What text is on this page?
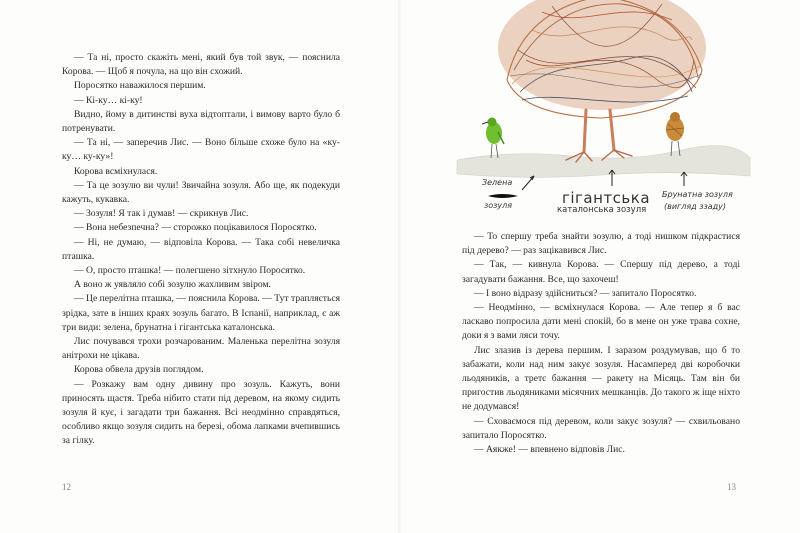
— Та ні, просто скажіть мені, який був той звук, — пояснила Корова. — Щоб я почула, на що він схожий.

Поросятко наважилося першим.

— Кі-ку… кі-ку!

Видно, йому в дитинстві вуха відтоптали, і вимову варто було б потренувати.

— Та ні, — заперечив Лис. — Воно більше схоже було на «ку-ку… ку-ку»!

Корова всміхнулася.

— Та це зозулю ви чули! Звичайна зозуля. Або ще, як подекуди кажуть, кукавка.

— Зозуля! Я так і думав! — скрикнув Лис.

— Вона небезпечна? — сторожко поцікавилося Поросятко.

— Ні, не думаю, — відповіла Корова. — Така собі невеличка пташка.

— О, просто пташка! — полегшено зітхнуло Поросятко.

А воно ж уявляло собі зозулю жахливим звіром.

— Це перелітна пташка, — пояснила Корова. — Тут трапляється зрідка, зате в інших краях зозуль багато. В Іспанії, наприклад, є аж три види: зелена, брунатна і гігантська каталонська.

Лис почувався трохи розчарованим. Маленька перелітна зозуля анітрохи не цікава.

Корова обвела друзів поглядом.

— Розкажу вам одну дивину про зозуль. Кажуть, вони приносять щастя. Треба нібито стати під деревом, на якому сидить зозуля й кує, і загадати три бажання. Всі неодмінно справдяться, особливо якщо зозуля сидить на березі, обома лапками вчепившись за гілку.

12

— То спершу треба знайти зозулю, а тоді нишком підкрастися під дерево? — раз зацікавився Лис.

— Так, — кивнула Корова. — Спершу під дерево, а тоді загадувати бажання. Все, що захочеш!

— І воно відразу здійсниться? — запитало Поросятко.

— Неодмінно, — всміхнулася Корова. — Але тепер я б вас ласкаво попросила дати мені спокій, бо в мене он уже трава сохне, доки я з вами ляси точу.

Лис злазив із дерева першим. І заразом роздумував, що б то забажати, коли над ним закує зозуля. Насамперед дві коробочки льодяників, а третє бажання — ракету на Місяць. Там він би пригостив льодяниками місячних мешканців. До такого ж іще ніхто не додумався!

— Сховаємося під деревом, коли закує зозуля? — схвильовано запитало Поросятко.

— Аякже! — впевнено відповів Лис.

13
Зелена
зозуля	гігантська
каталонська зозуля
Брунатна зозуля
(вигляд ззаду)
